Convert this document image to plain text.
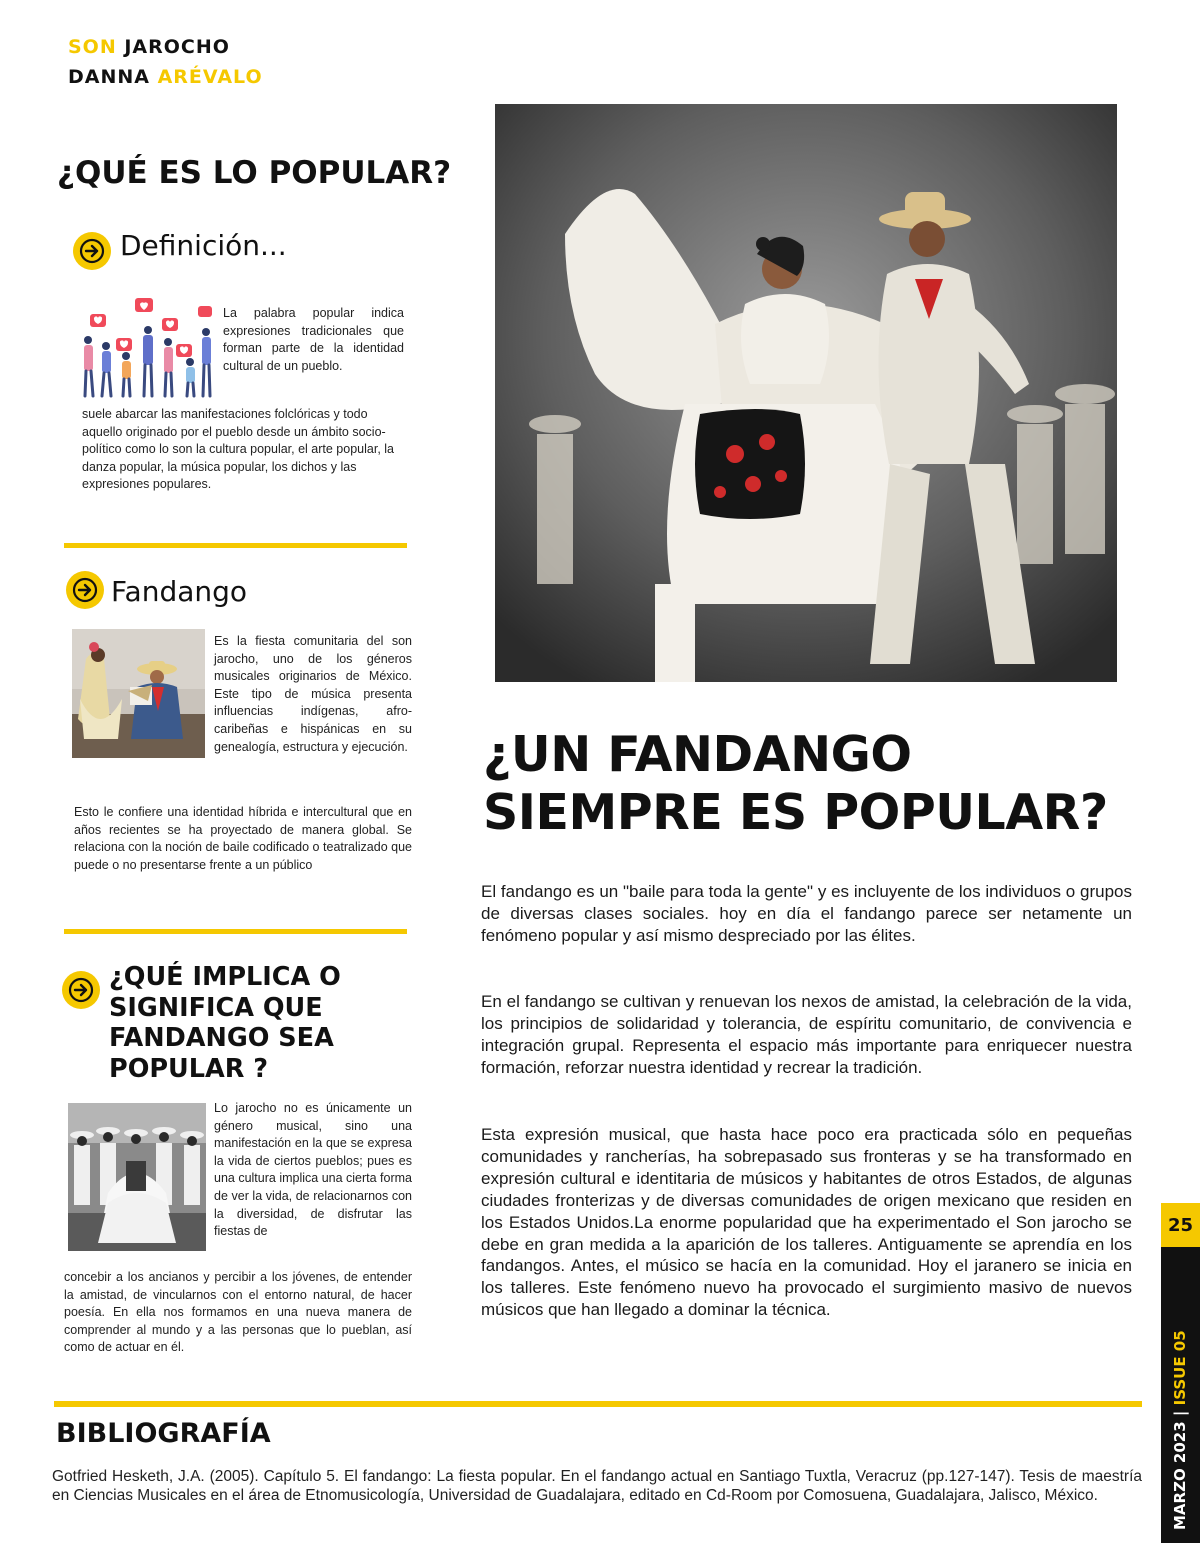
SON JAROCHO
DANNA ARÉVALO
¿QUÉ ES LO POPULAR?
Definición...
La palabra popular indica expresiones tradicionales que forman parte de la identidad cultural de un pueblo.
suele abarcar las manifestaciones folclóricas y todo aquello originado por el pueblo desde un ámbito socio-político como lo son la cultura popular, el arte popular, la danza popular, la música popular, los dichos y las expresiones populares.
Fandango
Es la fiesta comunitaria del son jarocho, uno de los géneros musicales originarios de México. Este tipo de música presenta influencias indígenas, afro-caribeñas e hispánicas en su genealogía, estructura y ejecución.
Esto le confiere una identidad híbrida e intercultural que en años recientes se ha proyectado de manera global. Se relaciona con la noción de baile codificado o teatralizado que puede o no presentarse frente a un público
¿QUÉ IMPLICA O SIGNIFICA QUE FANDANGO SEA POPULAR ?
Lo jarocho no es únicamente un género musical, sino una manifestación en la que se expresa la vida de ciertos pueblos; pues es una cultura implica una cierta forma de ver la vida, de relacionarnos con la diversidad, de disfrutar las fiestas de
concebir a los ancianos y percibir a los jóvenes, de entender la amistad, de vincularnos con el entorno natural, de hacer poesía. En ella nos formamos en una nueva manera de comprender al mundo y a las personas que lo pueblan, así como de actuar en él.
¿UN FANDANGO
SIEMPRE ES POPULAR?
El fandango es un "baile para toda la gente" y es incluyente de los individuos o grupos de diversas clases sociales. hoy en día el fandango parece ser netamente un fenómeno popular y así mismo despreciado por las élites.
En el fandango se cultivan y renuevan los nexos de amistad, la celebración de la vida, los principios de solidaridad y tolerancia, de espíritu comunitario, de convivencia e integración grupal. Representa el espacio más importante para enriquecer nuestra formación, reforzar nuestra identidad y recrear la tradición.
Esta expresión musical, que hasta hace poco era practicada sólo en pequeñas comunidades y rancherías, ha sobrepasado sus fronteras y se ha transformado en expresión cultural e identitaria de músicos y habitantes de otros Estados, de algunas ciudades fronterizas y de diversas comunidades de origen mexicano que residen en los Estados Unidos.La enorme popularidad que ha experimentado el Son jarocho se debe en gran medida a la aparición de los talleres. Antiguamente se aprendía en los fandangos. Antes, el músico se hacía en la comunidad. Hoy el jaranero se inicia en los talleres. Este fenómeno nuevo ha provocado el surgimiento masivo de nuevos músicos que han llegado a dominar la técnica.
BIBLIOGRAFÍA
Gotfried Hesketh, J.A. (2005). Capítulo 5. El fandango: La fiesta popular. En el fandango actual en Santiago Tuxtla, Veracruz (pp.127-147). Tesis de maestría en Ciencias Musicales en el área de Etnomusicología, Universidad de Guadalajara, editado en Cd-Room por Comosuena, Guadalajara, Jalisco, México.
25
MARZO 2023 | ISSUE 05
